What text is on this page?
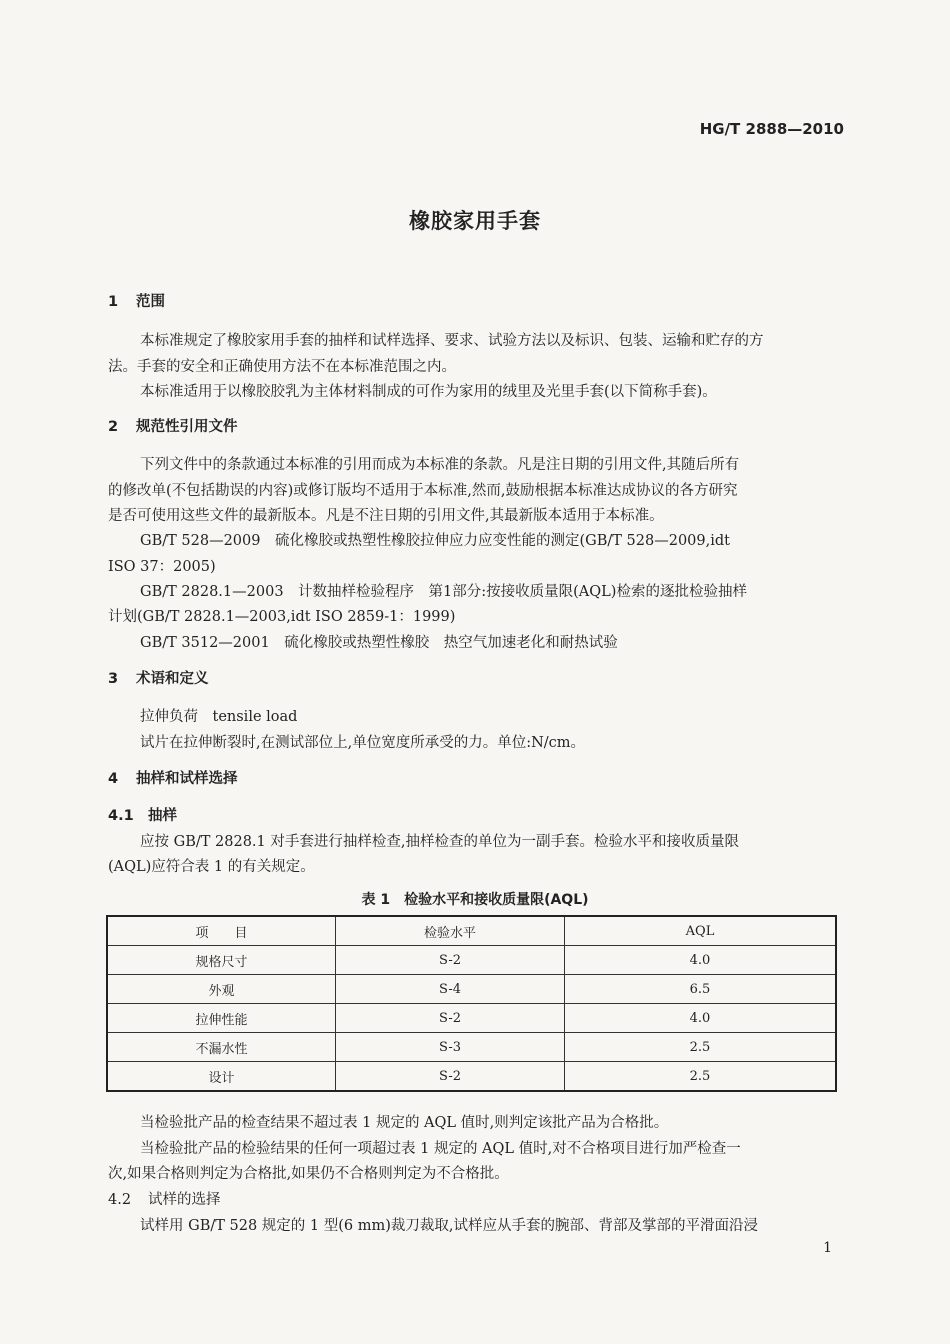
HG/T 2888—2010
橡胶家用手套
1 范围
本标准规定了橡胶家用手套的抽样和试样选择、要求、试验方法以及标识、包装、运输和贮存的方
法。手套的安全和正确使用方法不在本标准范围之内。
本标准适用于以橡胶胶乳为主体材料制成的可作为家用的绒里及光里手套(以下简称手套)。
2 规范性引用文件
下列文件中的条款通过本标准的引用而成为本标准的条款。凡是注日期的引用文件,其随后所有
的修改单(不包括勘误的内容)或修订版均不适用于本标准,然而,鼓励根据本标准达成协议的各方研究
是否可使用这些文件的最新版本。凡是不注日期的引用文件,其最新版本适用于本标准。
GB/T 528—2009　硫化橡胶或热塑性橡胶拉伸应力应变性能的测定(GB/T 528—2009,idt
ISO 37：2005)
GB/T 2828.1—2003　计数抽样检验程序　第1部分:按接收质量限(AQL)检索的逐批检验抽样
计划(GB/T 2828.1—2003,idt ISO 2859-1：1999)
GB/T 3512—2001　硫化橡胶或热塑性橡胶　热空气加速老化和耐热试验
3 术语和定义
拉伸负荷　tensile load
试片在拉伸断裂时,在测试部位上,单位宽度所承受的力。单位:N/cm。
4 抽样和试样选择
4.1 抽样
应按 GB/T 2828.1 对手套进行抽样检查,抽样检查的单位为一副手套。检验水平和接收质量限
(AQL)应符合表 1 的有关规定。
表 1　检验水平和接收质量限(AQL)
项　　目	检验水平	AQL
规格尺寸	S-2	4.0
外观	S-4	6.5
拉伸性能	S-2	4.0
不漏水性	S-3	2.5
设计	S-2	2.5
当检验批产品的检查结果不超过表 1 规定的 AQL 值时,则判定该批产品为合格批。
当检验批产品的检验结果的任何一项超过表 1 规定的 AQL 值时,对不合格项目进行加严检查一
次,如果合格则判定为合格批,如果仍不合格则判定为不合格批。
4.2 试样的选择
试样用 GB/T 528 规定的 1 型(6 mm)裁刀裁取,试样应从手套的腕部、背部及掌部的平滑面沿浸
1
